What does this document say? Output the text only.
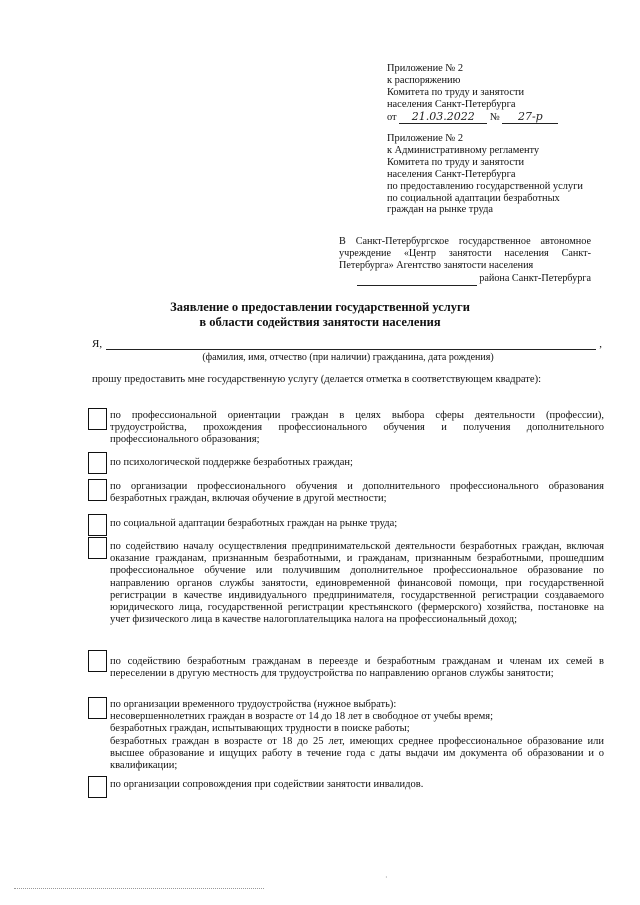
Приложение № 2
к распоряжению
Комитета по труду и занятости
населения Санкт-Петербурга
от 21.03.2022 № 27-р
Приложение № 2
к Административному регламенту
Комитета по труду и занятости
населения Санкт-Петербурга
по предоставлению государственной услуги
по социальной адаптации безработных
граждан на рынке труда
В Санкт-Петербургское государственное автономное учреждение «Центр занятости населения Санкт-Петербурга» Агентство занятости населения
района Санкт-Петербурга
Заявление о предоставлении государственной услуги
в области содействия занятости населения
Я,	,
(фамилия, имя, отчество (при наличии) гражданина, дата рождения)
прошу предоставить мне государственную услугу (делается отметка в соответствующем квадрате):
по профессиональной ориентации граждан в целях выбора сферы деятельности (профессии), трудоустройства, прохождения профессионального обучения и получения дополнительного профессионального образования;
по психологической поддержке безработных граждан;
по организации профессионального обучения и дополнительного профессионального образования безработных граждан, включая обучение в другой местности;
по социальной адаптации безработных граждан на рынке труда;
по содействию началу осуществления предпринимательской деятельности безработных граждан, включая оказание гражданам, признанным безработными, и гражданам, признанным безработными, прошедшим профессиональное обучение или получившим дополнительное профессиональное образование по направлению органов службы занятости, единовременной финансовой помощи, при государственной регистрации в качестве индивидуального предпринимателя, государственной регистрации создаваемого юридического лица, государственной регистрации крестьянского (фермерского) хозяйства, постановке на учет физического лица в качестве налогоплательщика налога на профессиональный доход;
по содействию безработным гражданам в переезде и безработным гражданам и членам их семей в переселении в другую местность для трудоустройства по направлению органов службы занятости;
по организации временного трудоустройства (нужное выбрать):
несовершеннолетних граждан в возрасте от 14 до 18 лет в свободное от учебы время;
безработных граждан, испытывающих трудности в поиске работы;
безработных граждан в возрасте от 18 до 25 лет, имеющих среднее профессиональное образование или высшее образование и ищущих работу в течение года с даты выдачи им документа об образовании и о квалификации;
по организации сопровождения при содействии занятости инвалидов.
·
